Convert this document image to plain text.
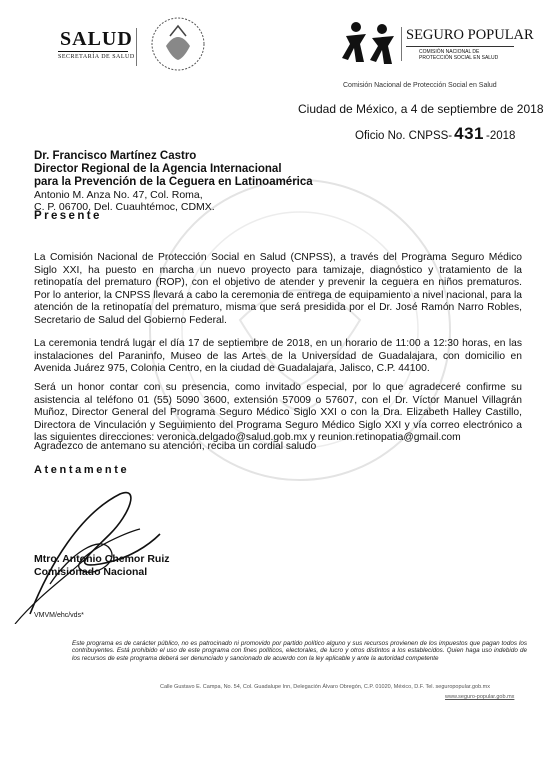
SALUD
SECRETARÍA DE SALUD
SEGURO POPULAR
COMISIÓN NACIONAL DE
PROTECCIÓN SOCIAL EN SALUD
Comisión Nacional de Protección Social en Salud
Ciudad de México, a 4 de septiembre de 2018
Oficio No. CNPSS- 431 -2018
Dr. Francisco Martínez Castro
Director Regional de la Agencia Internacional
para la Prevención de la Ceguera en Latinoamérica
Antonio M. Anza No. 47, Col. Roma,
C. P. 06700, Del. Cuauhtémoc, CDMX.
Presente
La Comisión Nacional de Protección Social en Salud (CNPSS), a través del Programa Seguro Médico Siglo XXI, ha puesto en marcha un nuevo proyecto para tamizaje, diagnóstico y tratamiento de la retinopatía del prematuro (ROP), con el objetivo de atender y prevenir la ceguera en niños prematuros. Por lo anterior, la CNPSS llevará a cabo la ceremonia de entrega de equipamiento a nivel nacional, para la atención de la retinopatía del prematuro, misma que será presidida por el Dr. José Ramón Narro Robles, Secretario de Salud del Gobierno Federal.
La ceremonia tendrá lugar el día 17 de septiembre de 2018, en un horario de 11:00 a 12:30 horas, en las instalaciones del Paraninfo, Museo de las Artes de la Universidad de Guadalajara, con domicilio en Avenida Juárez 975, Colonia Centro, en la ciudad de Guadalajara, Jalisco, C.P. 44100.
Será un honor contar con su presencia, como invitado especial, por lo que agradeceré confirme su asistencia al teléfono 01 (55) 5090 3600, extensión 57009 o 57607, con el Dr. Víctor Manuel Villagrán Muñoz, Director General del Programa Seguro Médico Siglo XXI o con la Dra. Elizabeth Halley Castillo, Directora de Vinculación y Seguimiento del Programa Seguro Médico Siglo XXI y vía correo electrónico a las siguientes direcciones: veronica.delgado@salud.gob.mx y reunion.retinopatia@gmail.com
Agradezco de antemano su atención, reciba un cordial saludo
Atentamente
Mtro. Antonio Chemor Ruiz
Comisionado Nacional
VMVM/ehc/vds*
Este programa es de carácter público, no es patrocinado ni promovido por partido político alguno y sus recursos provienen de los impuestos que pagan todos los contribuyentes. Está prohibido el uso de este programa con fines políticos, electorales, de lucro y otros distintos a los establecidos. Quien haga uso indebido de los recursos de este programa deberá ser denunciado y sancionado de acuerdo con la ley aplicable y ante la autoridad competente
Calle Gustavo E. Campa, No. 54, Col. Guadalupe Inn, Delegación Álvaro Obregón, C.P. 01020, México, D.F. Tel. seguropopular.gob.mx
www.seguro-popular.gob.mx
